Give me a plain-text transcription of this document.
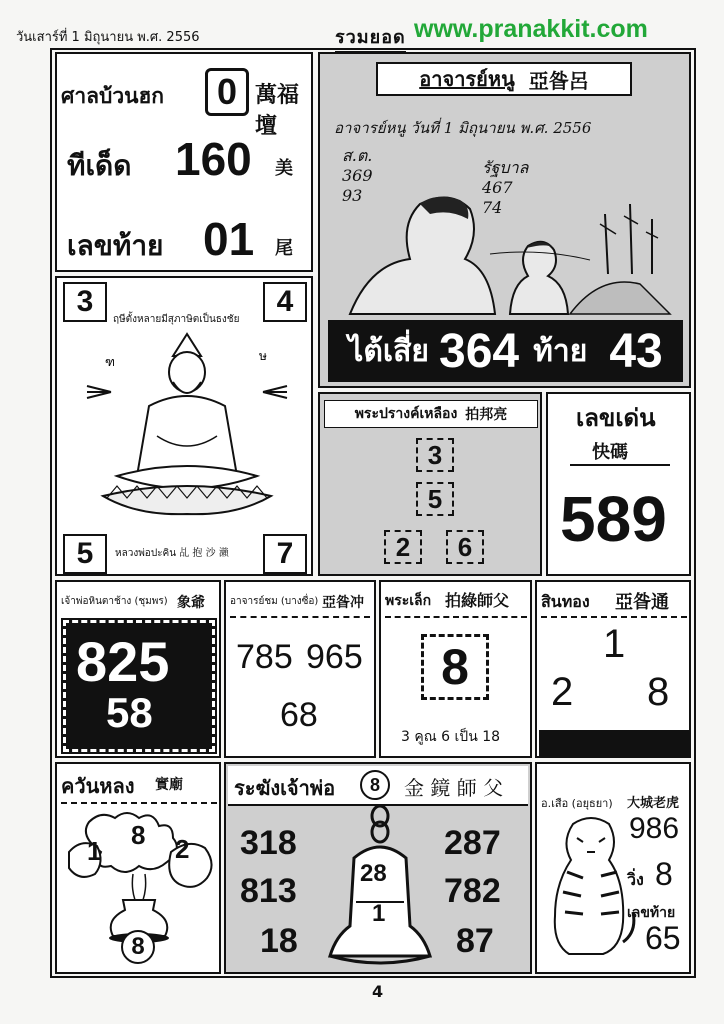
วันเสาร์ที่ 1 มิถุนายน พ.ศ. 2556	รวมยอด www.pranakkit.com
ศาลบ้วนฮก	0 萬福壇
ทีเด็ด 160 美
เลขท้าย 01 尾
อาจารย์หนู 亞昝呂
อาจารย์หนู วันที่ 1 มิถุนายน พ.ศ. 2556
ส.ต.
369
93
รัฐบาล
467
74
ไต้เสี่ย 364 ท้าย 43
3	4
ฤษีตั้งหลายมีสุภาษิตเป็นธงชัย
ฑ	ษ
5	7
หลวงพ่อปะคิน 乩 抱 沙 瀨
พระปรางค์เหลือง 拍邦亮
3
5
2	6
เลขเด่น
快碼
589
เจ้าพ่อหินตาช้าง (ชุมพร) 象爺
825
58
อาจารย์ชม (บางซื่อ) 亞昝冲
785 965
68
พระเล็ก 拍綠師父
8
3 คูณ 6 เป็น 18
สินทอง 亞昝通
1
2 8
ควันหลง 實廟
1
8 2
8
ระฆังเจ้าพ่อ	8	金 鏡 師 父
318
813
18
287
782
87
28
1
อ.เสือ (อยุธยา) 大城老虎
986
วิ่ง 8
เลขท้าย
65
4
